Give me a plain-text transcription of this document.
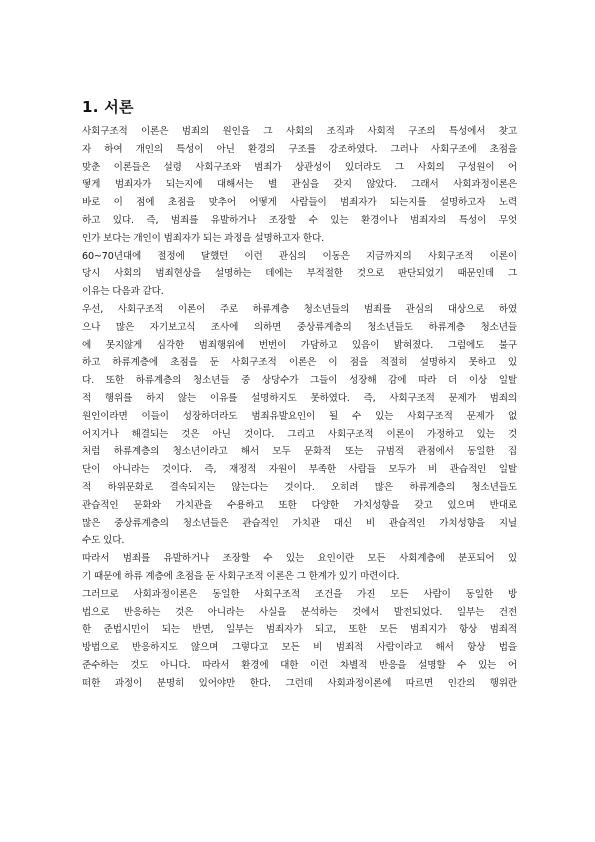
1. 서론
사회구조적 이론은 범죄의 원인을 그 사회의 조직과 사회적 구조의 특성에서 찾고
자 하여 개인의 특성이 아닌 환경의 구조를 강조하였다. 그러나 사회구조에 초점을
맞춘 이론들은 설령 사회구조와 범죄가 상관성이 있더라도 그 사회의 구성원이 어
떻게 범죄자가 되는지에 대해서는 별 관심을 갖지 않았다. 그래서 사회과정이론은
바로 이 점에 초점을 맞추어 어떻게 사람들이 범죄자가 되는지를 설명하고자 노력
하고 있다. 즉, 범죄를 유발하거나 조장할 수 있는 환경이나 범죄자의 특성이 무엇
인가 보다는 개인이 범죄자가 되는 과정을 설명하고자 한다.
60~70년대에 절정에 달했던 이런 관심의 이동은 지금까지의 사회구조적 이론이
당시 사회의 범죄현상을 설명하는 데에는 부적절한 것으로 판단되었기 때문인데 그
이유는 다음과 같다.
우선, 사회구조적 이론이 주로 하류계층 청소년들의 범죄를 관심의 대상으로 하였
으나 많은 자기보고식 조사에 의하면 중상류계층의 청소년들도 하류계층 청소년들
에 못지않게 심각한 범죄행위에 번번이 가담하고 있음이 밝혀졌다. 그럼에도 불구
하고 하류계층에 초점을 둔 사회구조적 이론은 이 점을 적절히 설명하지 못하고 있
다. 또한 하류계층의 청소년들 중 상당수가 그들이 성장해 감에 따라 더 이상 일탈
적 행위를 하지 않는 이유를 설명하지도 못하였다. 즉, 사회구조적 문제가 범죄의
원인이라면 이들이 성장하더라도 범죄유발요인이 될 수 있는 사회구조적 문제가 없
어지거나 해결되는 것은 아닌 것이다. 그리고 사회구조적 이론이 가정하고 있는 것
처럼 하류계층의 청소년이라고 해서 모두 문화적 또는 규범적 관점에서 동일한 집
단이 아니라는 것이다. 즉, 재정적 자원이 부족한 사람들 모두가 비 관습적인 일탈
적 하위문화로 결속되지는 않는다는 것이다. 오히려 많은 하류계층의 청소년들도
관습적인 문화와 가치관을 수용하고 또한 다양한 가치성향을 갖고 있으며 반대로
많은 중상류계층의 청소년들은 관습적인 가치관 대신 비 관습적인 가치성향을 지닐
수도 있다.
따라서 범죄를 유발하거나 조장할 수 있는 요인이란 모든 사회계층에 분포되어 있
기 때문에 하류 계층에 초점을 둔 사회구조적 이론은 그 한계가 있기 마련이다.
그러므로 사회과정이론은 동일한 사회구조적 조건을 가진 모든 사람이 동일한 방
법으로 반응하는 것은 아니라는 사실을 분석하는 것에서 발전되었다. 일부는 건전
한 준법시민이 되는 반면, 일부는 범죄자가 되고, 또한 모든 범죄지가 항상 범죄적
방법으로 반응하지도 않으며 그렇다고 모든 비 범죄적 사람이라고 해서 항상 법을
준수하는 것도 아니다. 따라서 환경에 대한 이런 차별적 반응을 설명할 수 있는 어
떠한 과정이 분명히 있어야만 한다. 그런데 사회과정이론에 따르면 인간의 행위란
